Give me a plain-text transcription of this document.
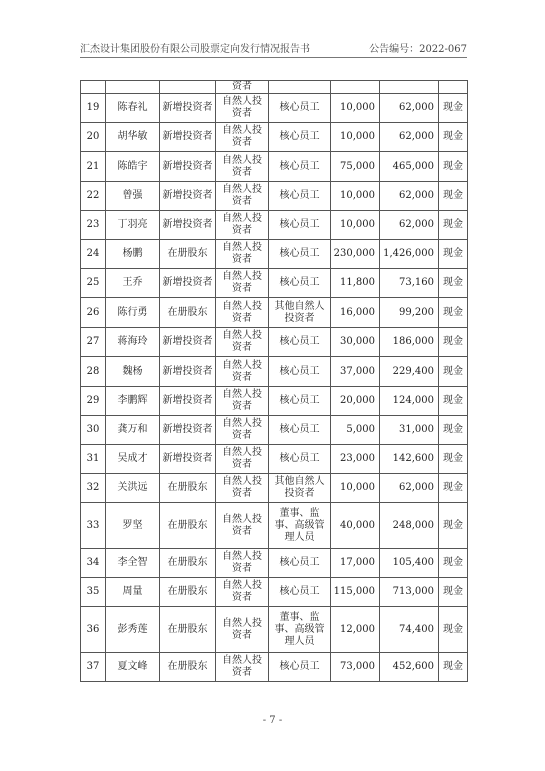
汇杰设计集团股份有限公司股票定向发行情况报告书	公告编号：2022-067
			资者				
19	陈春礼	新增投资者	自然人投资者	核心员工	10,000	62,000	现金
20	胡华敏	新增投资者	自然人投资者	核心员工	10,000	62,000	现金
21	陈皓宇	新增投资者	自然人投资者	核心员工	75,000	465,000	现金
22	曾强	新增投资者	自然人投资者	核心员工	10,000	62,000	现金
23	丁羽亮	新增投资者	自然人投资者	核心员工	10,000	62,000	现金
24	杨鹏	在册股东	自然人投资者	核心员工	230,000	1,426,000	现金
25	王乔	新增投资者	自然人投资者	核心员工	11,800	73,160	现金
26	陈行勇	在册股东	自然人投资者	其他自然人投资者	16,000	99,200	现金
27	蒋海玲	新增投资者	自然人投资者	核心员工	30,000	186,000	现金
28	魏杨	新增投资者	自然人投资者	核心员工	37,000	229,400	现金
29	李鹏辉	新增投资者	自然人投资者	核心员工	20,000	124,000	现金
30	龚万和	新增投资者	自然人投资者	核心员工	5,000	31,000	现金
31	吴成才	新增投资者	自然人投资者	核心员工	23,000	142,600	现金
32	关洪远	在册股东	自然人投资者	其他自然人投资者	10,000	62,000	现金
33	罗坚	在册股东	自然人投资者	董事、监事、高级管理人员	40,000	248,000	现金
34	李全智	在册股东	自然人投资者	核心员工	17,000	105,400	现金
35	周量	在册股东	自然人投资者	核心员工	115,000	713,000	现金
36	彭秀莲	在册股东	自然人投资者	董事、监事、高级管理人员	12,000	74,400	现金
37	夏文峰	在册股东	自然人投资者	核心员工	73,000	452,600	现金
- 7 -
